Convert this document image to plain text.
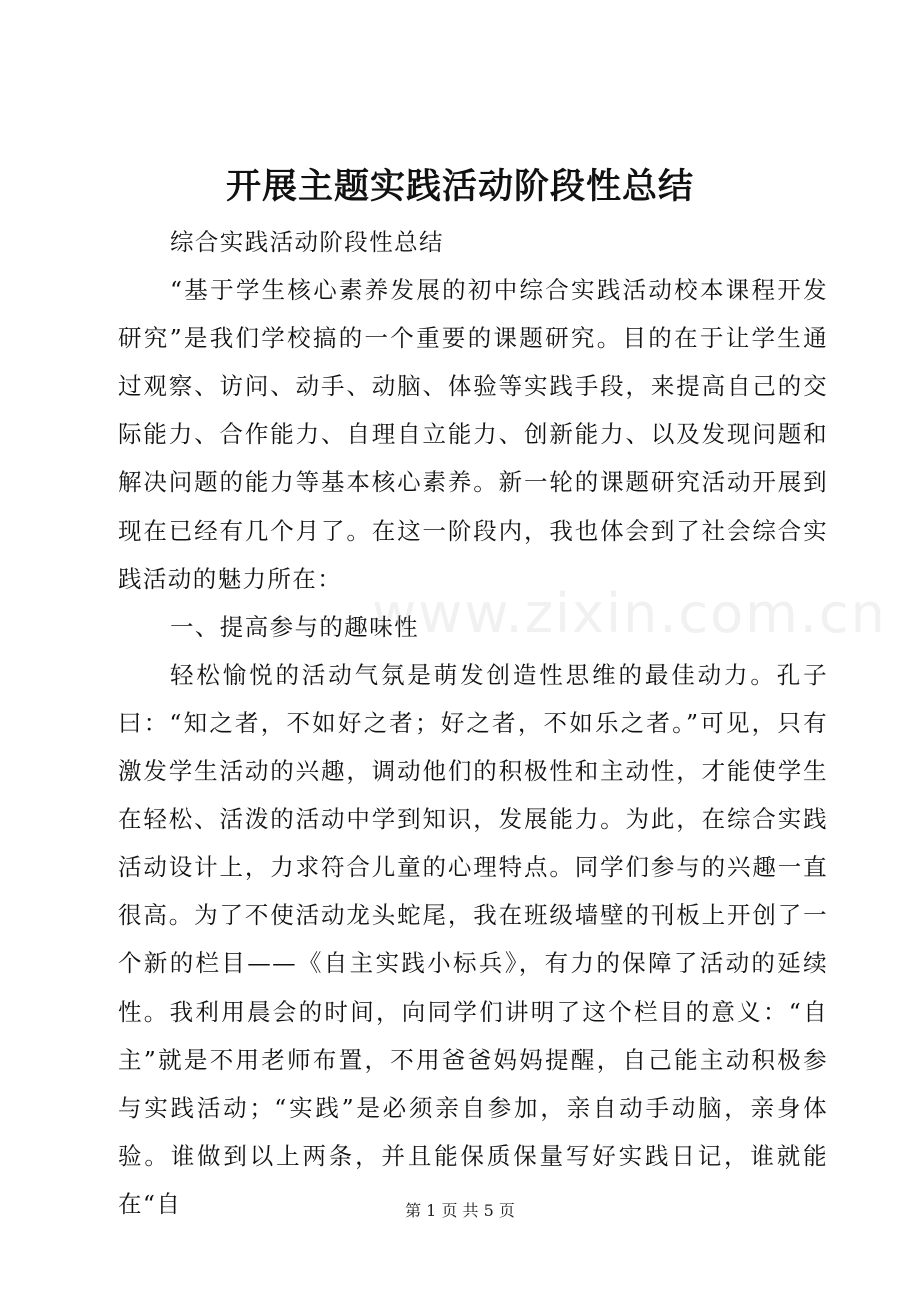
开展主题实践活动阶段性总结

综合实践活动阶段性总结

“基于学生核心素养发展的初中综合实践活动校本课程开发研究”是我们学校搞的一个重要的课题研究。目的在于让学生通过观察、访问、动手、动脑、体验等实践手段，来提高自己的交际能力、合作能力、自理自立能力、创新能力、以及发现问题和解决问题的能力等基本核心素养。新一轮的课题研究活动开展到现在已经有几个月了。在这一阶段内，我也体会到了社会综合实践活动的魅力所在：

一、提高参与的趣味性

轻松愉悦的活动气氛是萌发创造性思维的最佳动力。孔子曰：“知之者，不如好之者；好之者，不如乐之者。”可见，只有激发学生活动的兴趣，调动他们的积极性和主动性，才能使学生在轻松、活泼的活动中学到知识，发展能力。为此，在综合实践活动设计上，力求符合儿童的心理特点。同学们参与的兴趣一直很高。为了不使活动龙头蛇尾，我在班级墙壁的刊板上开创了一个新的栏目——《自主实践小标兵》，有力的保障了活动的延续性。我利用晨会的时间，向同学们讲明了这个栏目的意义：“自主”就是不用老师布置，不用爸爸妈妈提醒，自己能主动积极参与实践活动；“实践”是必须亲自参加，亲自动手动脑，亲身体验。谁做到以上两条，并且能保质保量写好实践日记，谁就能在“自

www.zixin.com.cn
第 1 页 共 5 页
